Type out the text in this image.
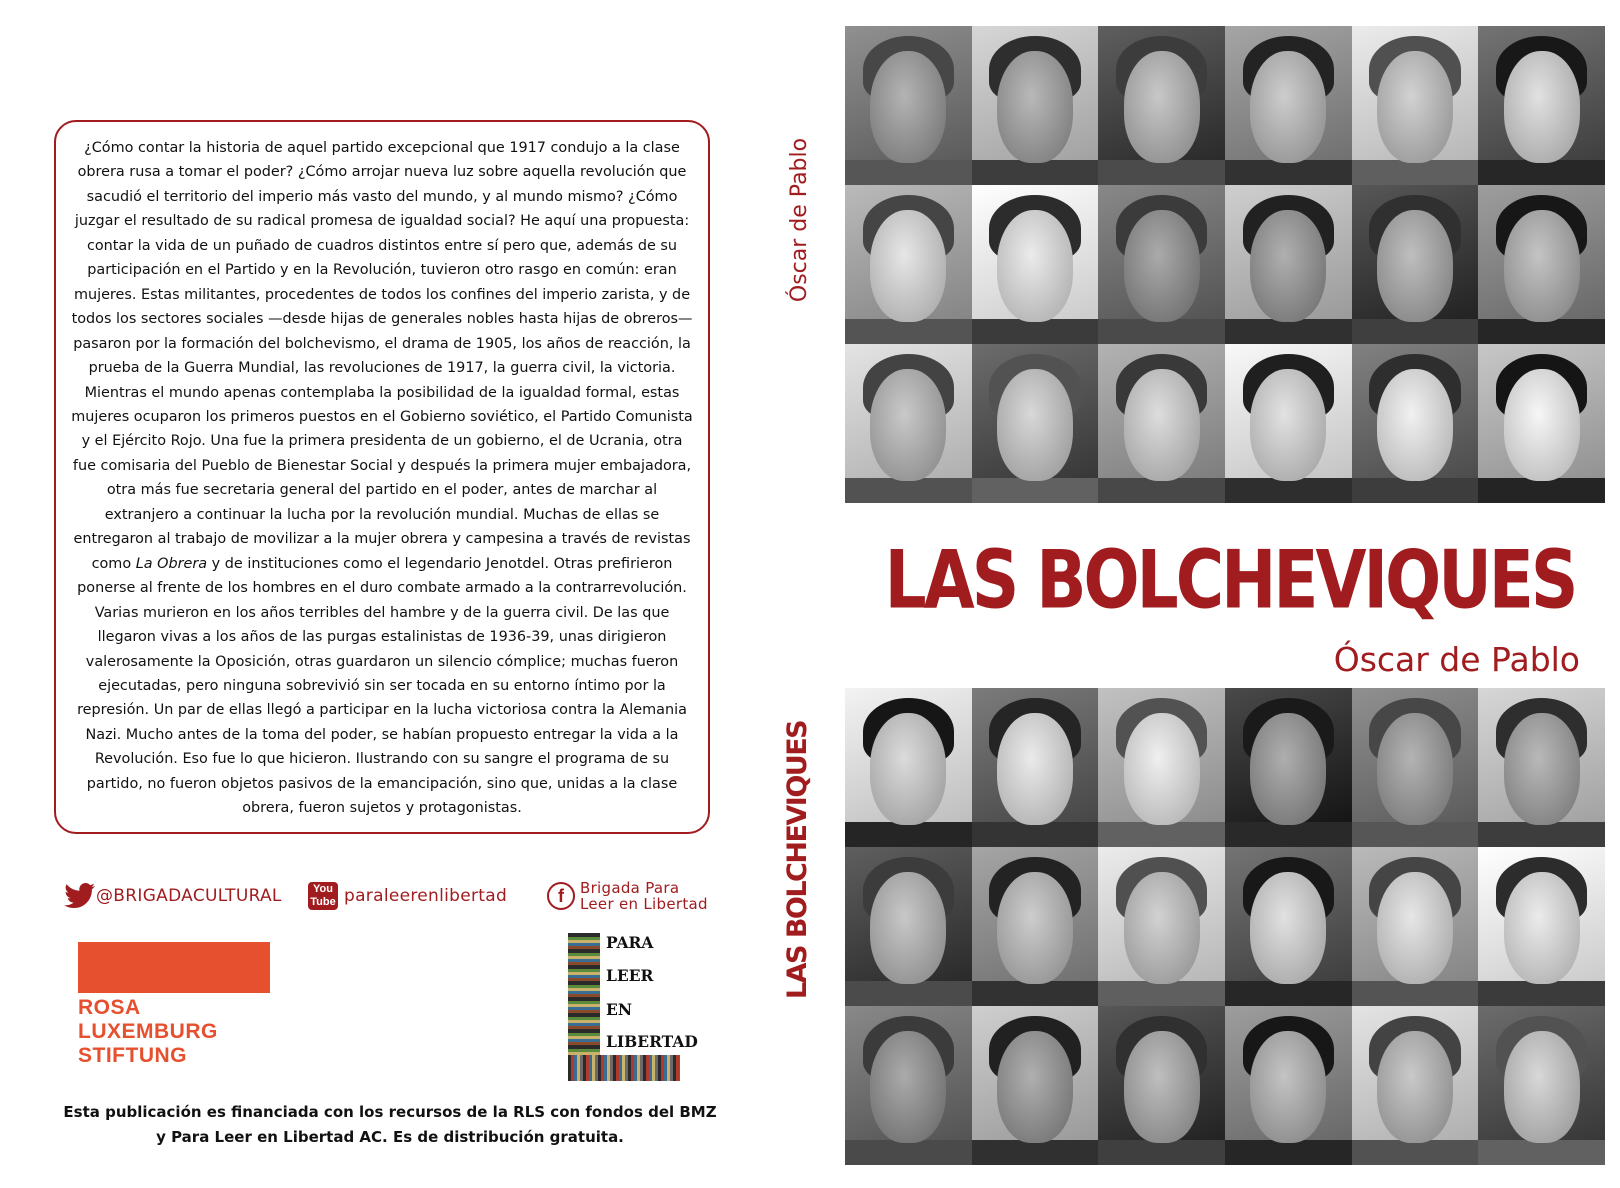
¿Cómo contar la historia de aquel partido excepcional que 1917 condujo a la clase obrera rusa a tomar el poder? ¿Cómo arrojar nueva luz sobre aquella revolución que sacudió el territorio del imperio más vasto del mundo, y al mundo mismo? ¿Cómo juzgar el resultado de su radical promesa de igualdad social? He aquí una propuesta: contar la vida de un puñado de cuadros distintos entre sí pero que, además de su participación en el Partido y en la Revolución, tuvieron otro rasgo en común: eran mujeres. Estas militantes, procedentes de todos los confines del imperio zarista, y de todos los sectores sociales —desde hijas de generales nobles hasta hijas de obreros— pasaron por la formación del bolchevismo, el drama de 1905, los años de reacción, la prueba de la Guerra Mundial, las revoluciones de 1917, la guerra civil, la victoria. Mientras el mundo apenas contemplaba la posibilidad de la igualdad formal, estas mujeres ocuparon los primeros puestos en el Gobierno soviético, el Partido Comunista y el Ejército Rojo. Una fue la primera presidenta de un gobierno, el de Ucrania, otra fue comisaria del Pueblo de Bienestar Social y después la primera mujer embajadora, otra más fue secretaria general del partido en el poder, antes de marchar al extranjero a continuar la lucha por la revolución mundial. Muchas de ellas se entregaron al trabajo de movilizar a la mujer obrera y campesina a través de revistas como La Obrera y de instituciones como el legendario Jenotdel. Otras prefirieron ponerse al frente de los hombres en el duro combate armado a la contrarrevolución. Varias murieron en los años terribles del hambre y de la guerra civil. De las que llegaron vivas a los años de las purgas estalinistas de 1936-39, unas dirigieron valerosamente la Oposición, otras guardaron un silencio cómplice; muchas fueron ejecutadas, pero ninguna sobrevivió sin ser tocada en su entorno íntimo por la represión. Un par de ellas llegó a participar en la lucha victoriosa contra la Alemania Nazi. Mucho antes de la toma del poder, se habían propuesto entregar la vida a la Revolución. Eso fue lo que hicieron. Ilustrando con su sangre el programa de su partido, no fueron objetos pasivos de la emancipación, sino que, unidas a la clase obrera, fueron sujetos y protagonistas.
@BRIGADACULTURAL	You
Tube paraleerenlibertad	f	Brigada Para
Leer en Libertad
ROSA
LUXEMBURG
STIFTUNG
PARA
LEER
EN
LIBERTAD
Esta publicación es financiada con los recursos de la RLS con fondos del BMZ
y Para Leer en Libertad AC. Es de distribución gratuita.
Óscar de Pablo
LAS BOLCHEVIQUES
LAS BOLCHEVIQUES
Óscar de Pablo
